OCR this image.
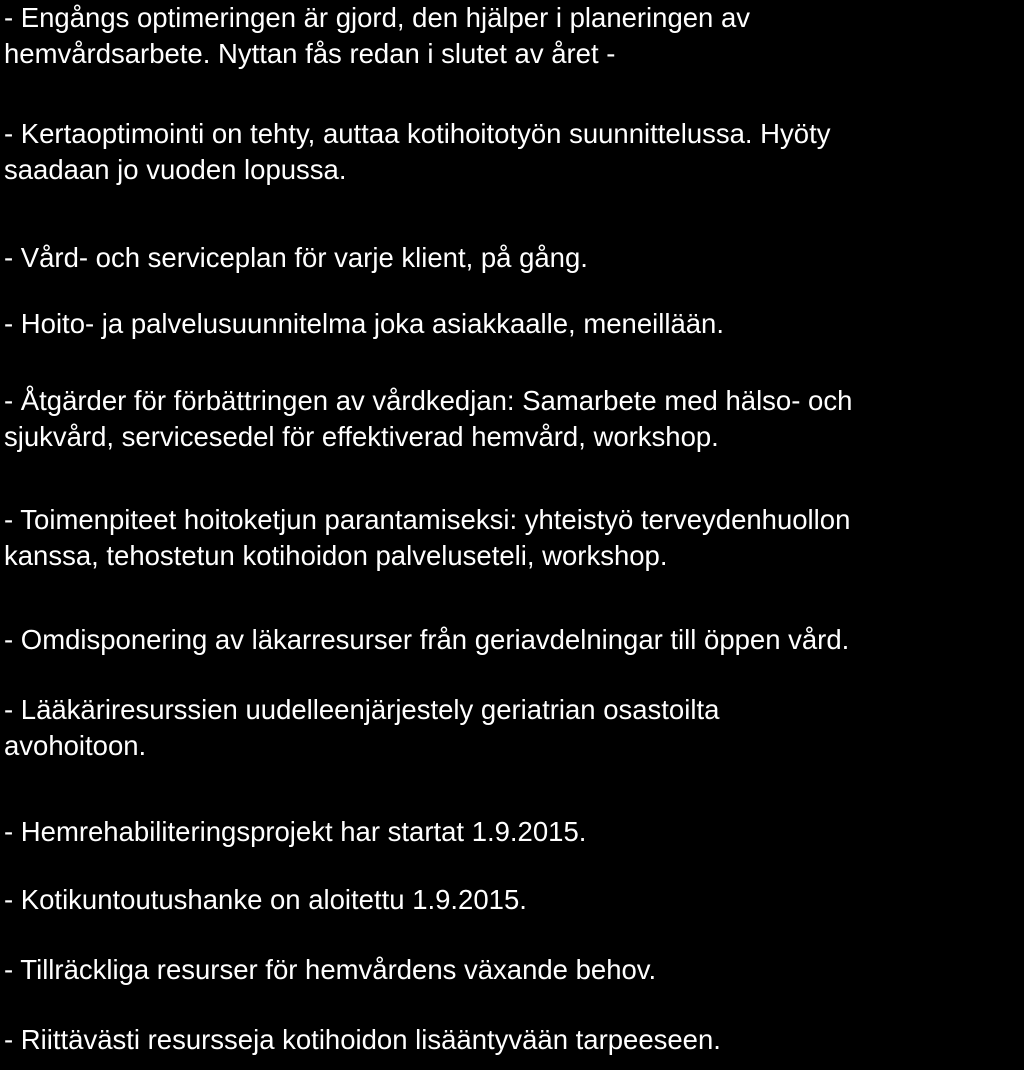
- Engångs optimeringen är gjord, den hjälper i planeringen av
hemvårdsarbete. Nyttan fås redan i slutet av året -

- Kertaoptimointi on tehty, auttaa kotihoitotyön suunnittelussa. Hyöty
saadaan jo vuoden lopussa.

- Vård- och serviceplan för varje klient, på gång.

- Hoito- ja palvelusuunnitelma joka asiakkaalle, meneillään.

- Åtgärder för förbättringen av vårdkedjan: Samarbete med hälso- och
sjukvård, servicesedel för effektiverad hemvård, workshop.

- Toimenpiteet hoitoketjun parantamiseksi: yhteistyö terveydenhuollon
kanssa, tehostetun kotihoidon palveluseteli, workshop.

- Omdisponering av läkarresurser från geriavdelningar till öppen vård.

- Lääkäriresurssien uudelleenjärjestely geriatrian osastoilta
avohoitoon.

- Hemrehabiliteringsprojekt har startat 1.9.2015.

- Kotikuntoutushanke on aloitettu 1.9.2015.

- Tillräckliga resurser för hemvårdens växande behov.

- Riittävästi resursseja kotihoidon lisääntyvään tarpeeseen.
